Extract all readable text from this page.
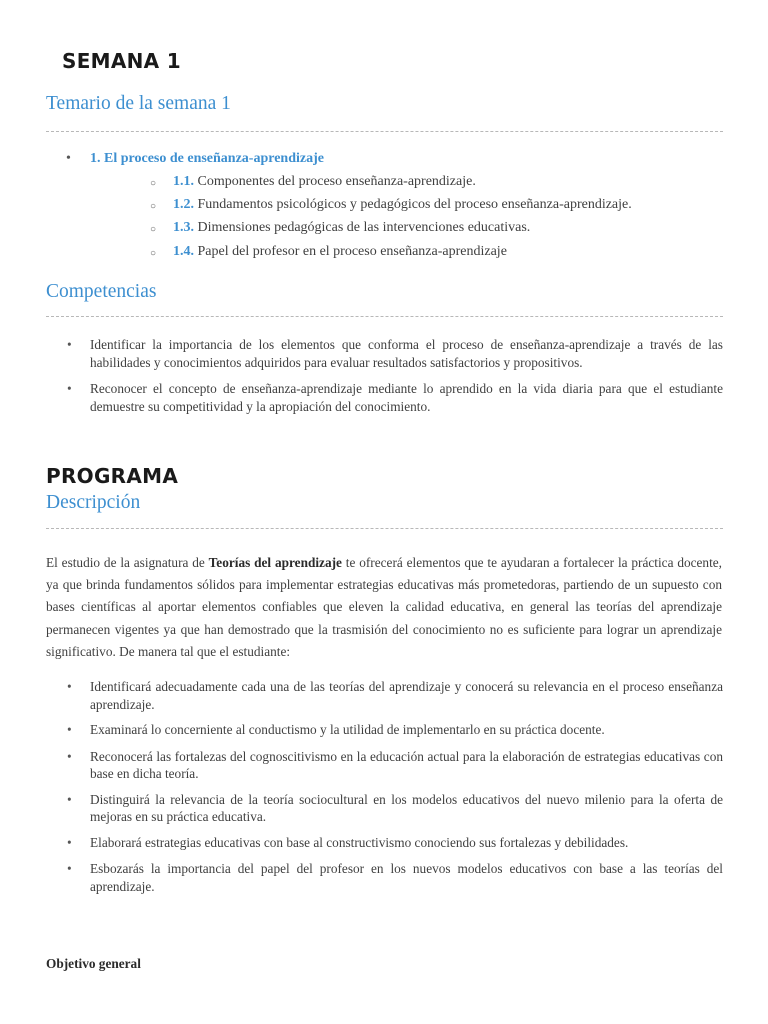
SEMANA 1
Temario de la semana 1
• 1. El proceso de enseñanza-aprendizaje
○ 1.1. Componentes del proceso enseñanza-aprendizaje.
○ 1.2. Fundamentos psicológicos y pedagógicos del proceso enseñanza-aprendizaje.
○ 1.3. Dimensiones pedagógicas de las intervenciones educativas.
○ 1.4. Papel del profesor en el proceso enseñanza-aprendizaje
Competencias
• Identificar la importancia de los elementos que conforma el proceso de enseñanza-aprendizaje a través de las habilidades y conocimientos adquiridos para evaluar resultados satisfactorios y propositivos.
• Reconocer el concepto de enseñanza-aprendizaje mediante lo aprendido en la vida diaria para que el estudiante demuestre su competitividad y la apropiación del conocimiento.
PROGRAMA
Descripción
El estudio de la asignatura de Teorías del aprendizaje te ofrecerá elementos que te ayudaran a fortalecer la práctica docente, ya que brinda fundamentos sólidos para implementar estrategias educativas más prometedoras, partiendo de un supuesto con bases científicas al aportar elementos confiables que eleven la calidad educativa, en general las teorías del aprendizaje permanecen vigentes ya que han demostrado que la trasmisión del conocimiento no es suficiente para lograr un aprendizaje significativo. De manera tal que el estudiante:
• Identificará adecuadamente cada una de las teorías del aprendizaje y conocerá su relevancia en el proceso enseñanza aprendizaje.
• Examinará lo concerniente al conductismo y la utilidad de implementarlo en su práctica docente.
• Reconocerá las fortalezas del cognoscitivismo en la educación actual para la elaboración de estrategias educativas con base en dicha teoría.
• Distinguirá la relevancia de la teoría sociocultural en los modelos educativos del nuevo milenio para la oferta de mejoras en su práctica educativa.
• Elaborará estrategias educativas con base al constructivismo conociendo sus fortalezas y debilidades.
• Esbozarás la importancia del papel del profesor en los nuevos modelos educativos con base a las teorías del aprendizaje.
Objetivo general
